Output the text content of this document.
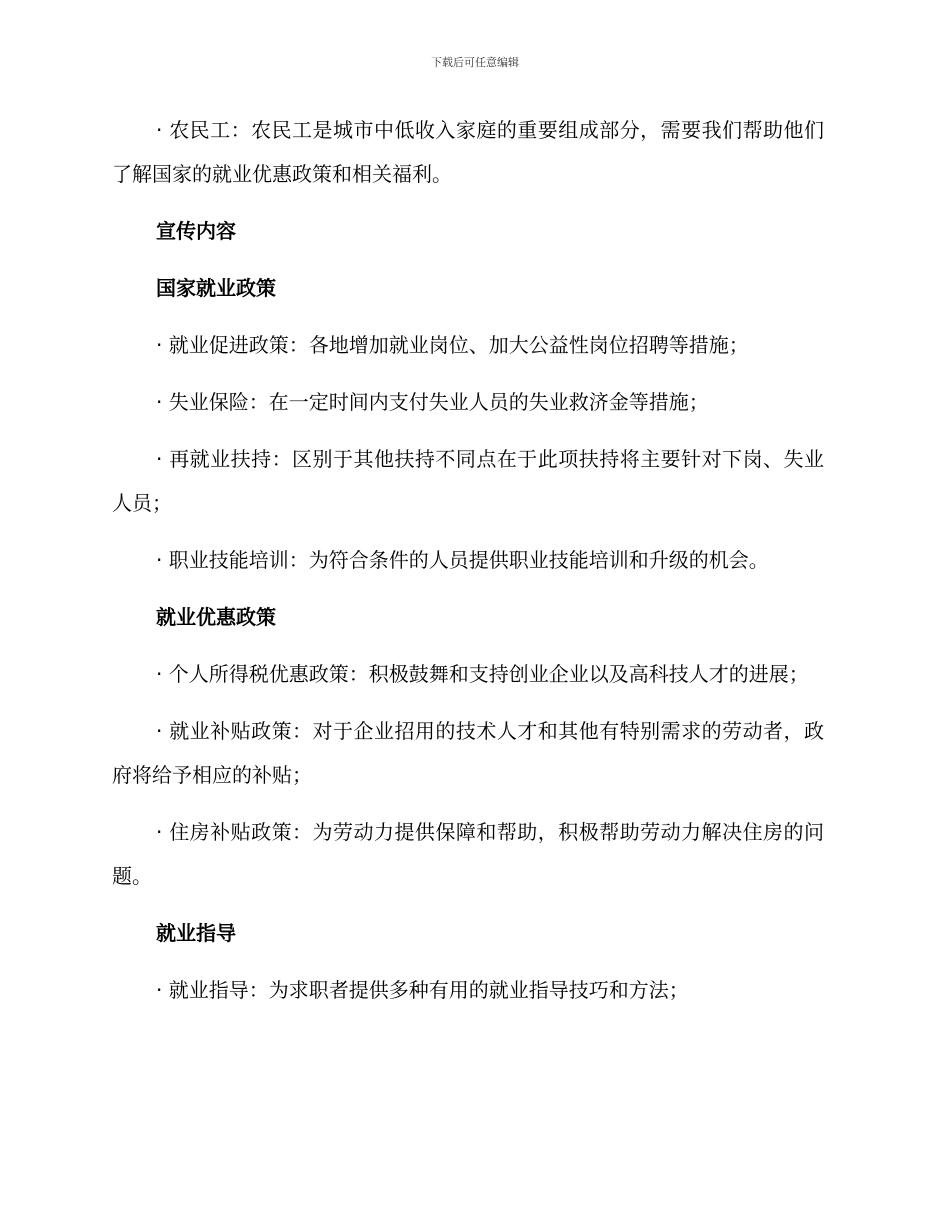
下载后可任意编辑

· 农民工：农民工是城市中低收入家庭的重要组成部分，需要我们帮助他们了解国家的就业优惠政策和相关福利。

宣传内容

国家就业政策

· 就业促进政策：各地增加就业岗位、加大公益性岗位招聘等措施；

· 失业保险：在一定时间内支付失业人员的失业救济金等措施；

· 再就业扶持：区别于其他扶持不同点在于此项扶持将主要针对下岗、失业人员；

· 职业技能培训：为符合条件的人员提供职业技能培训和升级的机会。

就业优惠政策

· 个人所得税优惠政策：积极鼓舞和支持创业企业以及高科技人才的进展；

· 就业补贴政策：对于企业招用的技术人才和其他有特别需求的劳动者，政府将给予相应的补贴；

· 住房补贴政策：为劳动力提供保障和帮助，积极帮助劳动力解决住房的问题。

就业指导

· 就业指导：为求职者提供多种有用的就业指导技巧和方法；
